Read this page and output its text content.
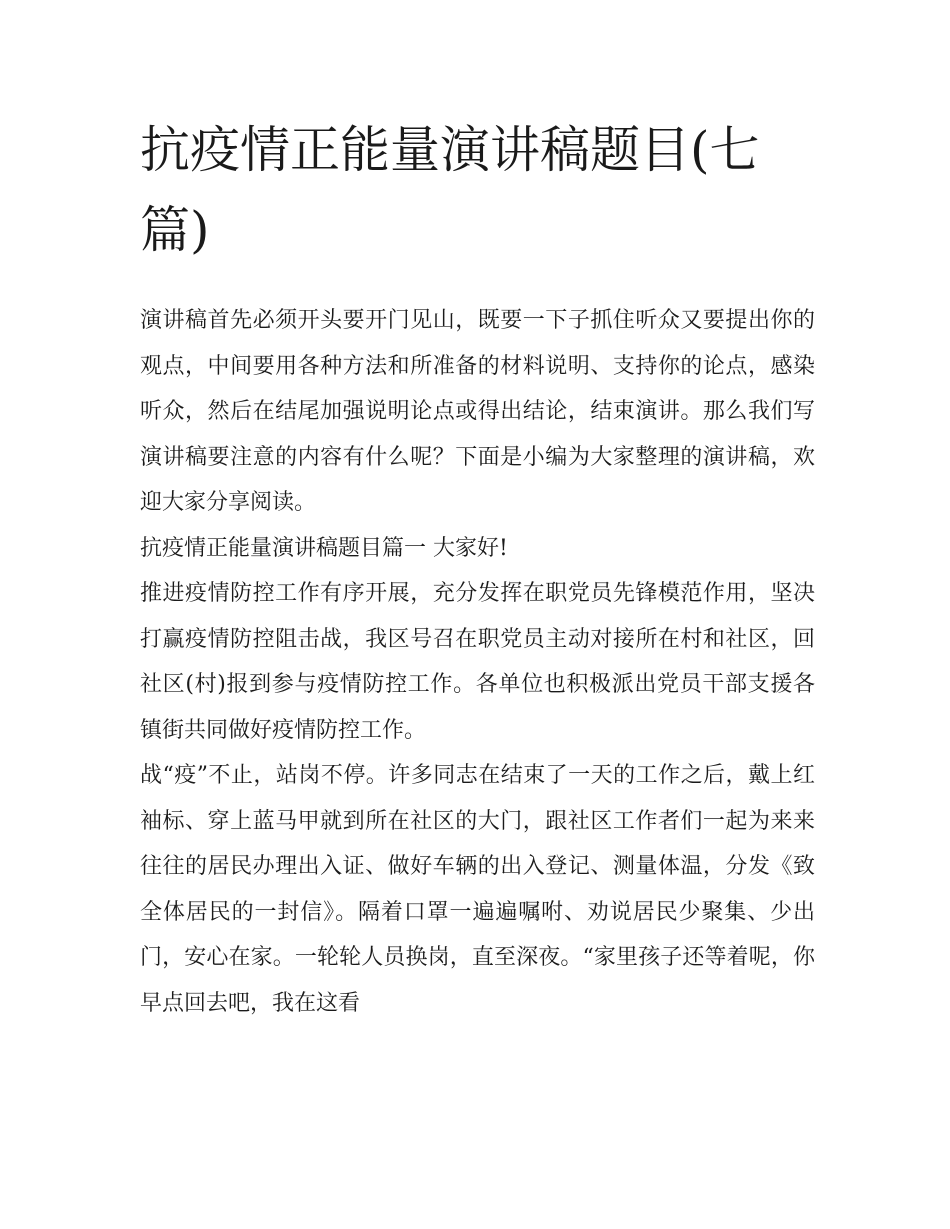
抗疫情正能量演讲稿题目(七篇)

演讲稿首先必须开头要开门见山，既要一下子抓住听众又要提出你的观点，中间要用各种方法和所准备的材料说明、支持你的论点，感染听众，然后在结尾加强说明论点或得出结论，结束演讲。那么我们写演讲稿要注意的内容有什么呢？下面是小编为大家整理的演讲稿，欢迎大家分享阅读。

抗疫情正能量演讲稿题目篇一 大家好!

推进疫情防控工作有序开展，充分发挥在职党员先锋模范作用，坚决打赢疫情防控阻击战，我区号召在职党员主动对接所在村和社区，回社区(村)报到参与疫情防控工作。各单位也积极派出党员干部支援各镇街共同做好疫情防控工作。

战“疫”不止，站岗不停。许多同志在结束了一天的工作之后，戴上红袖标、穿上蓝马甲就到所在社区的大门，跟社区工作者们一起为来来往往的居民办理出入证、做好车辆的出入登记、测量体温，分发《致全体居民的一封信》。隔着口罩一遍遍嘱咐、劝说居民少聚集、少出门，安心在家。一轮轮人员换岗，直至深夜。“家里孩子还等着呢，你早点回去吧，我在这看
